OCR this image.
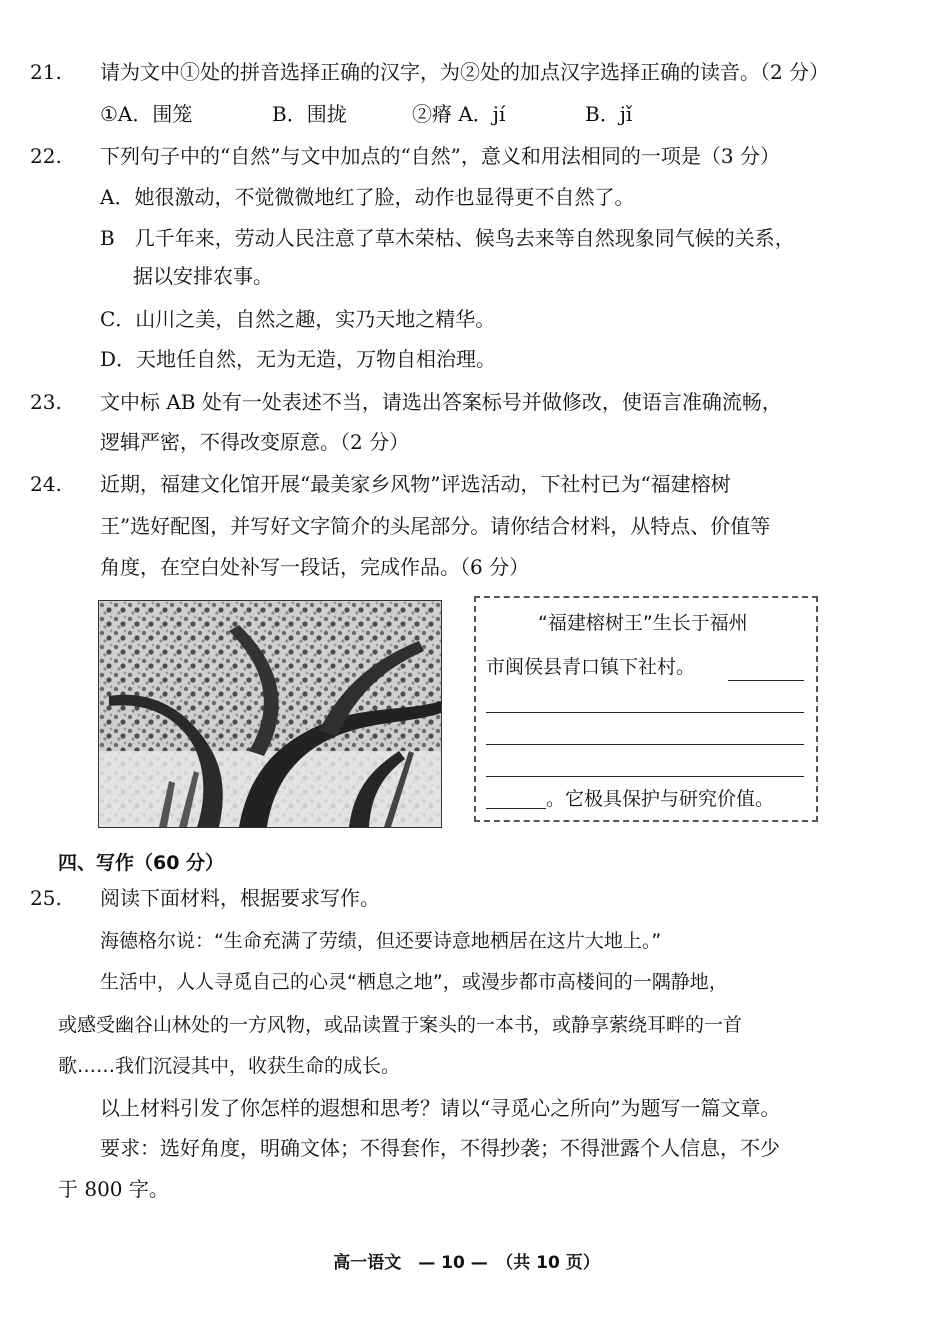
21. 请为文中①处的拼音选择正确的汉字，为②处的加点汉字选择正确的读音。（2 分）
①A．围笼	B．围拢	②瘠 A．jí	B．jǐ
22. 下列句子中的“自然”与文中加点的“自然”，意义和用法相同的一项是（3 分）
A．她很激动，不觉微微地红了脸，动作也显得更不自然了。
B　几千年来，劳动人民注意了草木荣枯、候鸟去来等自然现象同气候的关系，
据以安排农事。
C．山川之美，自然之趣，实乃天地之精华。
D．天地任自然，无为无造，万物自相治理。
23. 文中标 AB 处有一处表述不当，请选出答案标号并做修改，使语言准确流畅，
逻辑严密，不得改变原意。（2 分）
24. 近期，福建文化馆开展“最美家乡风物”评选活动，下社村已为“福建榕树
王”选好配图，并写好文字简介的头尾部分。请你结合材料，从特点、价值等
角度，在空白处补写一段话，完成作品。（6 分）
“福建榕树王”生长于福州
市闽侯县青口镇下社村。
。它极具保护与研究价值。
四、写作（60 分）
25. 阅读下面材料，根据要求写作。
海德格尔说：“生命充满了劳绩，但还要诗意地栖居在这片大地上。”
生活中，人人寻觅自己的心灵“栖息之地”，或漫步都市高楼间的一隅静地，
或感受幽谷山林处的一方风物，或品读置于案头的一本书，或静享萦绕耳畔的一首
歌……我们沉浸其中，收获生命的成长。
以上材料引发了你怎样的遐想和思考？请以“寻觅心之所向”为题写一篇文章。
要求：选好角度，明确文体；不得套作，不得抄袭；不得泄露个人信息，不少
于 800 字。
高一语文　— 10 —　（共 10 页）
